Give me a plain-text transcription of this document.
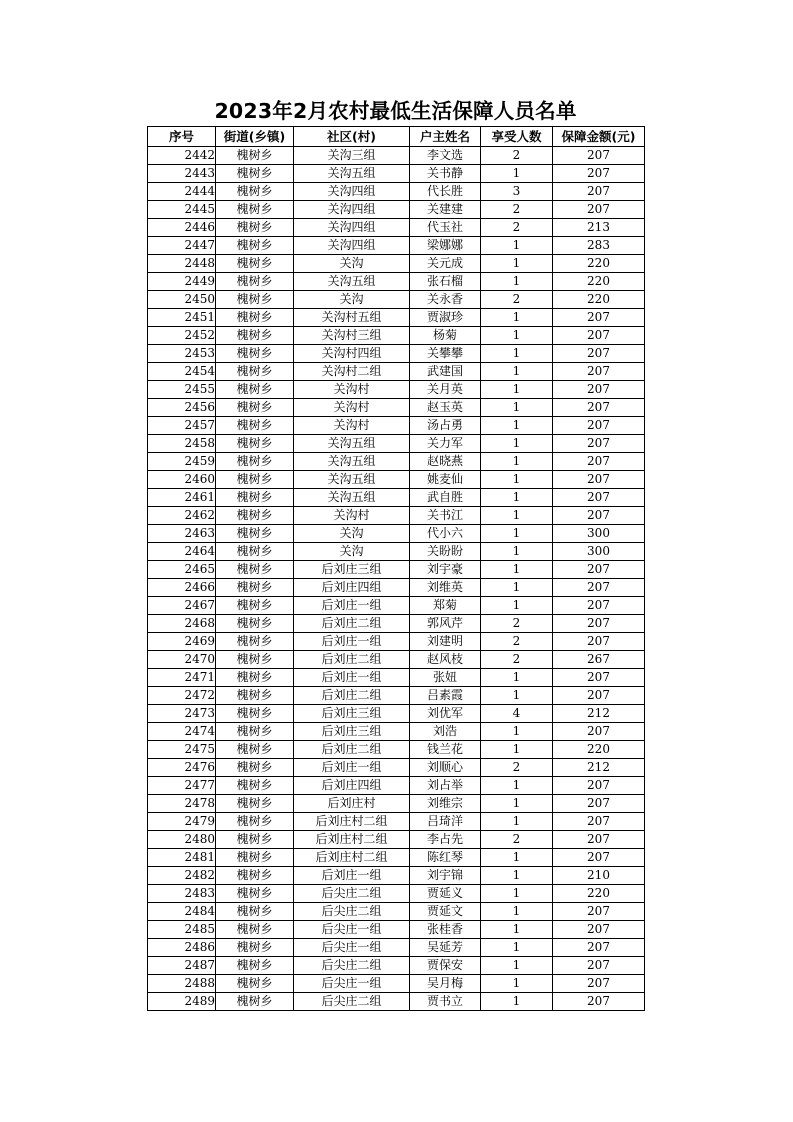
2023年2月农村最低生活保障人员名单
序号	街道(乡镇)	社区(村)	户主姓名	享受人数	保障金额(元)
2442	槐树乡	关沟三组	李文选	2	207
2443	槐树乡	关沟五组	关书静	1	207
2444	槐树乡	关沟四组	代长胜	3	207
2445	槐树乡	关沟四组	关建建	2	207
2446	槐树乡	关沟四组	代玉社	2	213
2447	槐树乡	关沟四组	梁娜娜	1	283
2448	槐树乡	关沟	关元成	1	220
2449	槐树乡	关沟五组	张石榴	1	220
2450	槐树乡	关沟	关永香	2	220
2451	槐树乡	关沟村五组	贾淑珍	1	207
2452	槐树乡	关沟村三组	杨菊	1	207
2453	槐树乡	关沟村四组	关攀攀	1	207
2454	槐树乡	关沟村二组	武建国	1	207
2455	槐树乡	关沟村	关月英	1	207
2456	槐树乡	关沟村	赵玉英	1	207
2457	槐树乡	关沟村	汤占勇	1	207
2458	槐树乡	关沟五组	关力军	1	207
2459	槐树乡	关沟五组	赵晓燕	1	207
2460	槐树乡	关沟五组	姚麦仙	1	207
2461	槐树乡	关沟五组	武自胜	1	207
2462	槐树乡	关沟村	关书江	1	207
2463	槐树乡	关沟	代小六	1	300
2464	槐树乡	关沟	关盼盼	1	300
2465	槐树乡	后刘庄三组	刘宇豪	1	207
2466	槐树乡	后刘庄四组	刘维英	1	207
2467	槐树乡	后刘庄一组	郑菊	1	207
2468	槐树乡	后刘庄二组	郭风芹	2	207
2469	槐树乡	后刘庄一组	刘建明	2	207
2470	槐树乡	后刘庄二组	赵风枝	2	267
2471	槐树乡	后刘庄一组	张妞	1	207
2472	槐树乡	后刘庄二组	吕素霞	1	207
2473	槐树乡	后刘庄三组	刘优军	4	212
2474	槐树乡	后刘庄三组	刘浩	1	207
2475	槐树乡	后刘庄二组	钱兰花	1	220
2476	槐树乡	后刘庄一组	刘顺心	2	212
2477	槐树乡	后刘庄四组	刘占举	1	207
2478	槐树乡	后刘庄村	刘维宗	1	207
2479	槐树乡	后刘庄村二组	吕琦洋	1	207
2480	槐树乡	后刘庄村二组	李占先	2	207
2481	槐树乡	后刘庄村二组	陈红琴	1	207
2482	槐树乡	后刘庄一组	刘宇锦	1	210
2483	槐树乡	后尖庄二组	贾延义	1	220
2484	槐树乡	后尖庄二组	贾延文	1	207
2485	槐树乡	后尖庄一组	张桂香	1	207
2486	槐树乡	后尖庄一组	吴延芳	1	207
2487	槐树乡	后尖庄二组	贾保安	1	207
2488	槐树乡	后尖庄一组	吴月梅	1	207
2489	槐树乡	后尖庄二组	贾书立	1	207
